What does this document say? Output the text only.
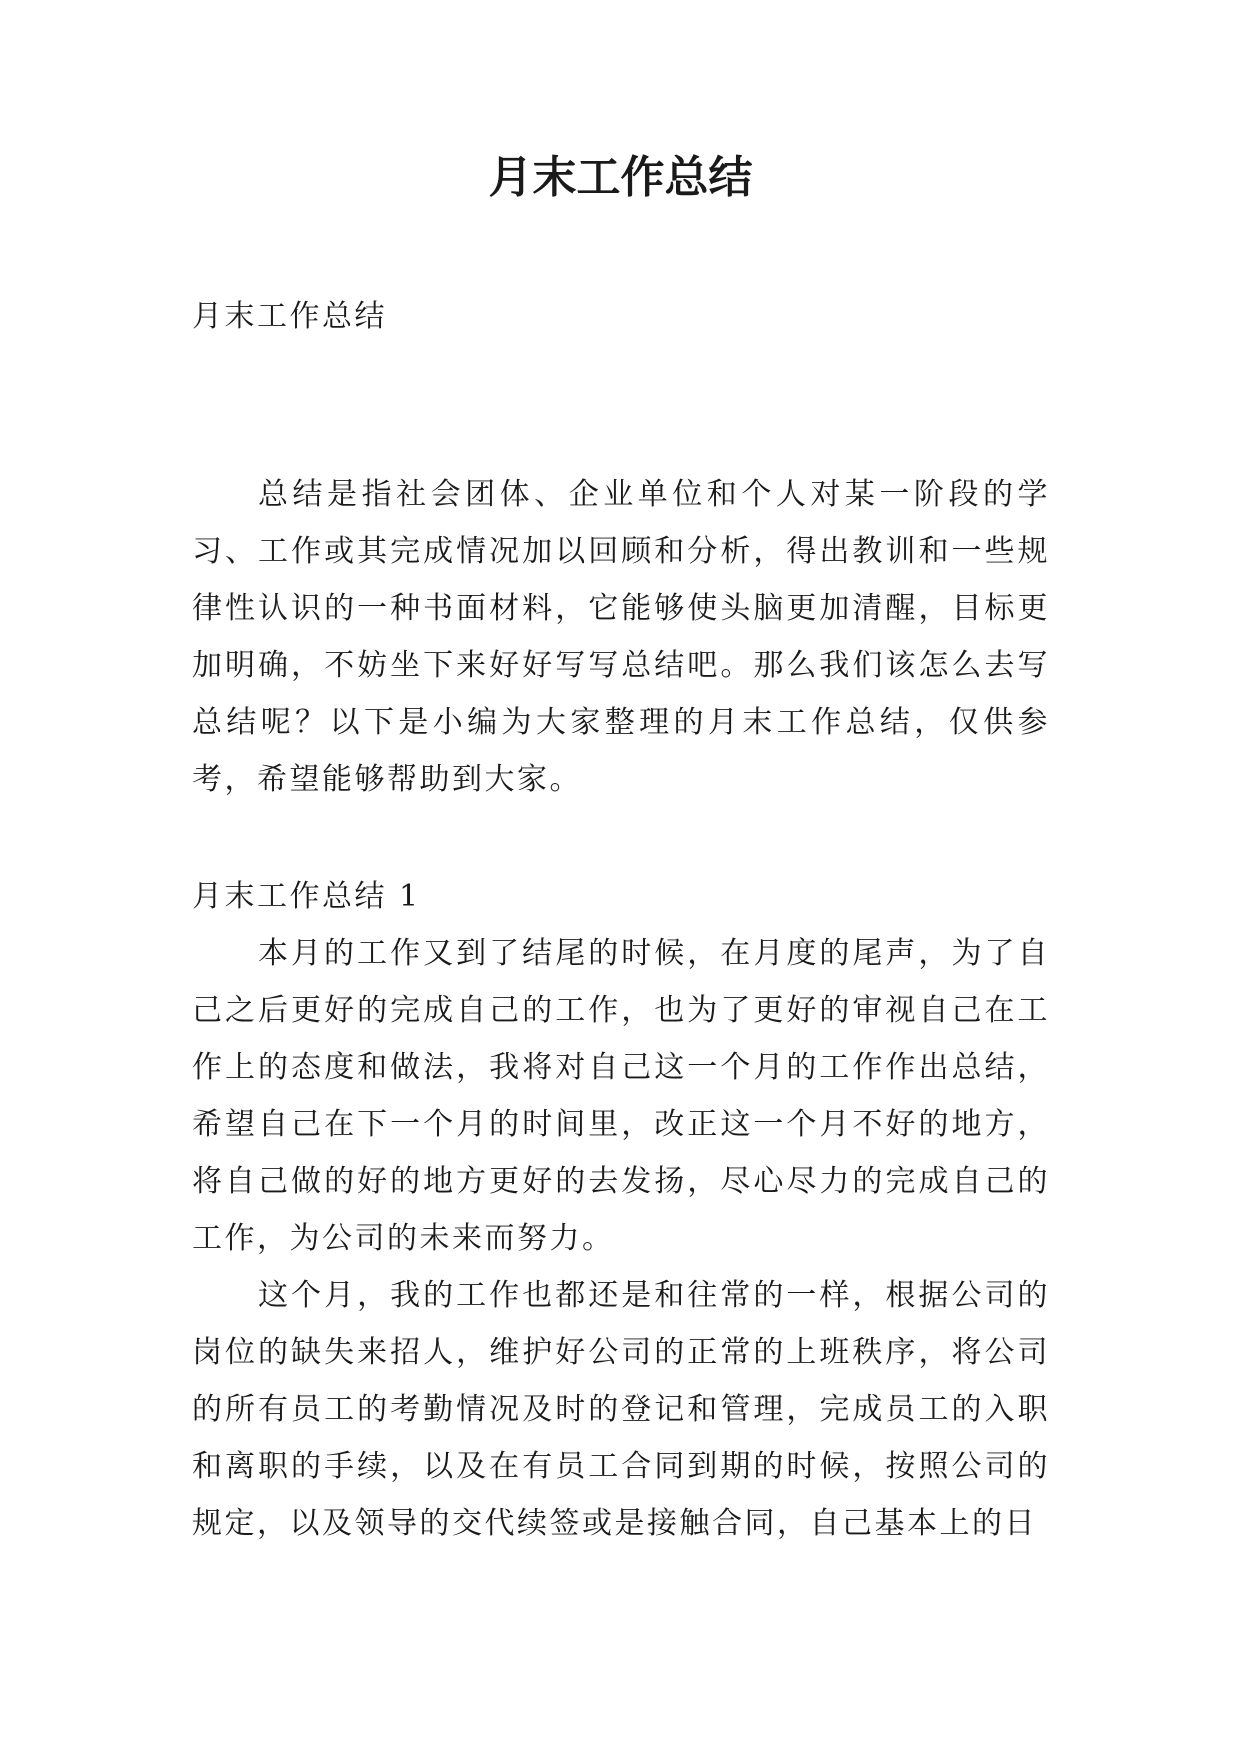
月末工作总结

月末工作总结

总结是指社会团体、企业单位和个人对某一阶段的学习、工作或其完成情况加以回顾和分析，得出教训和一些规律性认识的一种书面材料，它能够使头脑更加清醒，目标更加明确，不妨坐下来好好写写总结吧。那么我们该怎么去写总结呢？以下是小编为大家整理的月末工作总结，仅供参考，希望能够帮助到大家。

月末工作总结 1

本月的工作又到了结尾的时候，在月度的尾声，为了自己之后更好的完成自己的工作，也为了更好的审视自己在工作上的态度和做法，我将对自己这一个月的工作作出总结，希望自己在下一个月的时间里，改正这一个月不好的地方，将自己做的好的地方更好的去发扬，尽心尽力的完成自己的工作，为公司的未来而努力。

这个月，我的工作也都还是和往常的一样，根据公司的岗位的缺失来招人，维护好公司的正常的上班秩序，将公司的所有员工的考勤情况及时的登记和管理，完成员工的入职和离职的手续，以及在有员工合同到期的时候，按照公司的规定，以及领导的交代续签或是接触合同，自己基本上的日
